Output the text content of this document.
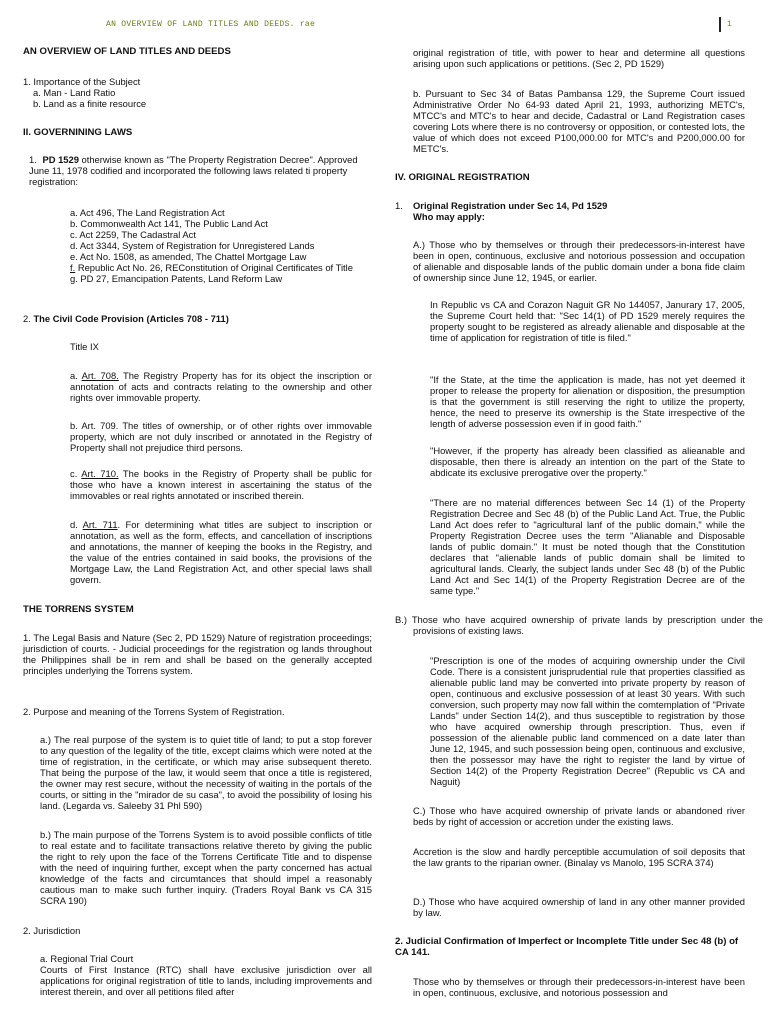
AN OVERVIEW OF LAND TITLES AND DEEDS. rae	1

AN OVERVIEW OF LAND TITLES AND DEEDS

1. Importance of the Subject

a. Man - Land Ratio

b. Land as a finite resource

II. GOVERNINING LAWS

1. PD 1529 otherwise known as "The Property Registration Decree". Approved June 11, 1978 codified and incorporated the following laws related ti property registration:

a. Act 496, The Land Registration Act

b. Commonwealth Act 141, The Public Land Act

c. Act 2259, The Cadastral Act

d. Act 3344, System of Registration for Unregistered Lands

e. Act No. 1508, as amended, The Chattel Mortgage Law

f. Republic Act No. 26, REConstitution of Original Certificates of Title

g. PD 27, Emancipation Patents, Land Reform Law

2. The Civil Code Provision (Articles 708 - 711)

Title IX

a. Art. 708. The Registry Property has for its object the inscription or annotation of acts and contracts relating to the ownership and other rights over immovable property.

b. Art. 709. The titles of ownership, or of other rights over immovable property, which are not duly inscribed or annotated in the Registry of Property shall not prejudice third persons.

c. Art. 710. The books in the Registry of Property shall be public for those who have a known interest in ascertaining the status of the immovables or real rights annotated or inscribed therein.

d. Art. 711. For determining what titles are subject to inscription or annotation, as well as the form, effects, and cancellation of inscriptions and annotations, the manner of keeping the books in the Registry, and the value of the entries contained in said books, the provisions of the Mortgage Law, the Land Registration Act, and other special laws shall govern.

THE TORRENS SYSTEM

1. The Legal Basis and Nature (Sec 2, PD 1529) Nature of registration proceedings; jurisdiction of courts. - Judicial proceedings for the registration og lands throughout the Philippines shall be in rem and shall be based on the generally accepted principles underlying the Torrens system.

2. Purpose and meaning of the Torrens System of Registration.

a.) The real purpose of the system is to quiet title of land; to put a stop forever to any question of the legality of the title, except claims which were noted at the time of registration, in the certificate, or which may arise subsequent thereto. That being the purpose of the law, it would seem that once a title is registered, the owner may rest secure, without the necessity of waiting in the portals of the courts, or sitting in the "mirador de su casa", to avoid the possibility of losing his land. (Legarda vs. Saleeby 31 Phl 590)

b.) The main purpose of the Torrens System is to avoid possible conflicts of title to real estate and to facilitate transactions relative thereto by giving the public the right to rely upon the face of the Torrens Certificate Title and to dispense with the need of inquiring further, except when the party concerned has actual knowledge of the facts and circumtances that should impel a reasonably cautious man to make such further inquiry. (Traders Royal Bank vs CA 315 SCRA 190)

2. Jurisdiction

a. Regional Trial Court

Courts of First Instance (RTC) shall have exclusive jurisdiction over all applications for original registration of title to lands, including improvements and interest therein, and over all petitions filed after

original registration of title, with power to hear and determine all questions arising upon such applications or petitions. (Sec 2, PD 1529)

b. Pursuant to Sec 34 of Batas Pambansa 129, the Supreme Court issued Administrative Order No 64-93 dated April 21, 1993, authorizing METC's, MTCC's and MTC's to hear and decide, Cadastral or Land Registration cases covering Lots where there is no controversy or opposition, or contested lots, the value of which does not exceed P100,000.00 for MTC's and P200,000.00 for METC's.

IV. ORIGINAL REGISTRATION

1. Original Registration under Sec 14, Pd 1529

Who may apply:

A.) Those who by themselves or through their predecessors-in-interest have been in open, continuous, exclusive and notorious possession and occupation of alienable and disposable lands of the public domain under a bona fide claim of ownership since June 12, 1945, or earlier.

In Republic vs CA and Corazon Naguit GR No 144057, Janurary 17, 2005, the Supreme Court held that: "Sec 14(1) of PD 1529 merely requires the property sought to be registered as already alienable and disposable at the time of application for registration of title is filed."

"If the State, at the time the application is made, has not yet deemed it proper to release the property for alienation or disposition, the presumption is that the government is still reserving the right to utilize the property, hence, the need to preserve its ownership is the State irrespective of the length of adverse possession even if in good faith."

"However, if the property has already been classified as alieanable and disposable, then there is already an intention on the part of the State to abdicate its exclusive prerogative over the property."

"There are no material differences between Sec 14 (1) of the Property Registration Decree and Sec 48 (b) of the Public Land Act. True, the Public Land Act does refer to "agricultural lanf of the public domain," while the Property Registration Decree uses the term "Alianable and Disposable lands of public domain." It must be noted though that the Constitution declares that "alienable lands of public domain shall be limited to agricultural lands. Clearly, the subject lands under Sec 48 (b) of the Public Land Act and Sec 14(1) of the Property Registration Decree are of the same type."

B.) Those who have acquired ownership of private lands by prescription under the provisions of existing laws.

"Prescription is one of the modes of acquiring ownership under the Civil Code. There is a consistent jurisprudential rule that properties classified as alienable public land may be converted into private property by reason of open, continuous and exclusive possession of at least 30 years. With such conversion, such property may now fall within the comtemplation of "Private Lands" under Section 14(2), and thus susceptible to registration by those who have acquired ownership through prescription. Thus, even if possession of the alienable public land commenced on a date later than June 12, 1945, and such possession being open, continuous and exclusive, then the possessor may have the right to register the land by virtue of Section 14(2) of the Property Registration Decree" (Republic vs CA and Naguit)

C.) Those who have acquired ownership of private lands or abandoned river beds by right of accession or accretion under the existing laws.

Accretion is the slow and hardly perceptible accumulation of soil deposits that the law grants to the riparian owner. (Binalay vs Manolo, 195 SCRA 374)

D.) Those who have acquired ownership of land in any other manner provided by law.

2. Judicial Confirmation of Imperfect or Incomplete Title under Sec 48 (b) of CA 141.

Those who by themselves or through their predecessors-in-interest have been in open, continuous, exclusive, and notorious possession and
